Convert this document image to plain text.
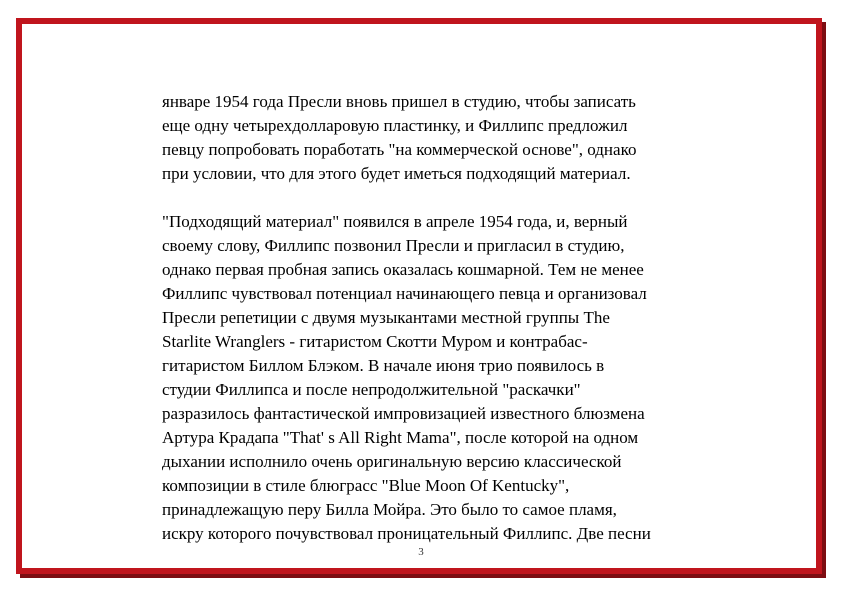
январе 1954 года Пресли вновь пришел в студию, чтобы записать
еще одну четырехдолларовую пластинку, и Филлипс предложил
певцу попробовать поработать "на коммерческой основе", однако
при условии, что для этого будет иметься подходящий материал.

"Подходящий материал" появился в апреле 1954 года, и, верный
своему слову, Филлипс позвонил Пресли и пригласил в студию,
однако первая пробная запись оказалась кошмарной. Тем не менее
Филлипс чувствовал потенциал начинающего певца и организовал
Пресли репетиции с двумя музыкантами местной группы The
Starlite Wranglers - гитаристом Скотти Муром и контрабас-
гитаристом Биллом Блэком. В начале июня трио появилось в
студии Филлипса и после непродолжительной "раскачки"
разразилось фантастической импровизацией известного блюзмена
Артура Крадапа "That' s All Right Mama", после которой на одном
дыхании исполнило очень оригинальную версию классической
композиции в стиле блюграсс "Blue Moon Of Kentucky",
принадлежащую перу Билла Мойра. Это было то самое пламя,
искру которого почувствовал проницательный Филлипс. Две песни

3
